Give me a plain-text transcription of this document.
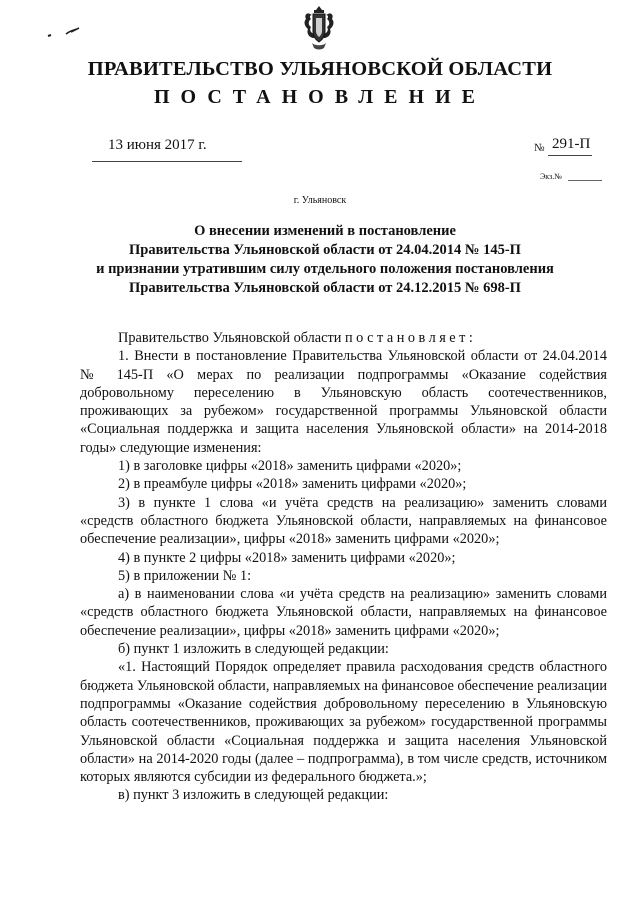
ПРАВИТЕЛЬСТВО УЛЬЯНОВСКОЙ ОБЛАСТИ
ПОСТАНОВЛЕНИЕ
13 июня 2017 г.	№ 291-П
Экз.№
г. Ульяновск
О внесении изменений в постановление
Правительства Ульяновской области от 24.04.2014 № 145-П
и признании утратившим силу отдельного положения постановления
Правительства Ульяновской области от 24.12.2015 № 698-П

Правительство Ульяновской области постановляет:

1. Внести в постановление Правительства Ульяновской области от 24.04.2014 № 145-П «О мерах по реализации подпрограммы «Оказание содействия добровольному переселению в Ульяновскую область соотечественников, проживающих за рубежом» государственной программы Ульяновской области «Социальная поддержка и защита населения Ульяновской области» на 2014-2018 годы» следующие изменения:

1) в заголовке цифры «2018» заменить цифрами «2020»;

2) в преамбуле цифры «2018» заменить цифрами «2020»;

3) в пункте 1 слова «и учёта средств на реализацию» заменить словами «средств областного бюджета Ульяновской области, направляемых на финансовое обеспечение реализации», цифры «2018» заменить цифрами «2020»;

4) в пункте 2 цифры «2018» заменить цифрами «2020»;

5) в приложении № 1:

а) в наименовании слова «и учёта средств на реализацию» заменить словами «средств областного бюджета Ульяновской области, направляемых на финансовое обеспечение реализации», цифры «2018» заменить цифрами «2020»;

б) пункт 1 изложить в следующей редакции:

«1. Настоящий Порядок определяет правила расходования средств областного бюджета Ульяновской области, направляемых на финансовое обеспечение реализации подпрограммы «Оказание содействия добровольному переселению в Ульяновскую область соотечественников, проживающих за рубежом» государственной программы Ульяновской области «Социальная поддержка и защита населения Ульяновской области» на 2014-2020 годы (далее – подпрограмма), в том числе средств, источником которых являются субсидии из федерального бюджета.»;

в) пункт 3 изложить в следующей редакции:
